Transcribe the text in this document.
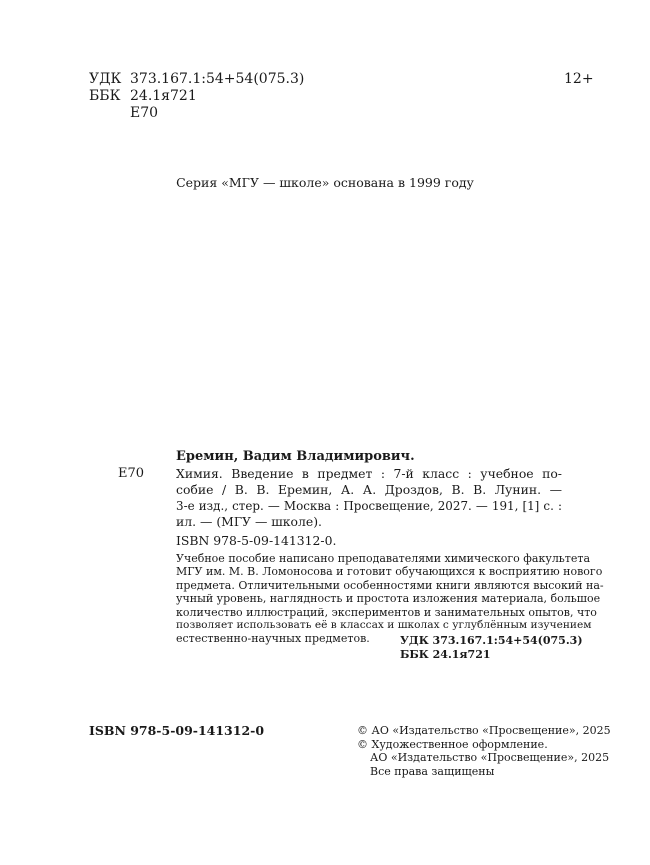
УДК 373.167.1:54+54(075.3)
ББК 24.1я721
Е70
12+
Серия «МГУ — школе» основана в 1999 году
Еремин, Вадим Владимирович.
Е70	Химия. Введение в предмет : 7-й класс : учебное по-
собие / В. В. Еремин, А. А. Дроздов, В. В. Лунин. —
3-е изд., стер. — Москва : Просвещение, 2027. — 191, [1] с. :
ил. — (МГУ — школе).
ISBN 978-5-09-141312-0.
Учебное пособие написано преподавателями химического факультета
МГУ им. М. В. Ломоносова и готовит обучающихся к восприятию нового
предмета. Отличительными особенностями книги являются высокий на-
учный уровень, наглядность и простота изложения материала, большое
количество иллюстраций, экспериментов и занимательных опытов, что
позволяет использовать её в классах и школах с углублённым изучением
естественно-научных предметов.	УДК 373.167.1:54+54(075.3)
ББК 24.1я721
ISBN 978-5-09-141312-0	© АО «Издательство «Просвещение», 2025
© Художественное оформление.
АО «Издательство «Просвещение», 2025
Все права защищены
